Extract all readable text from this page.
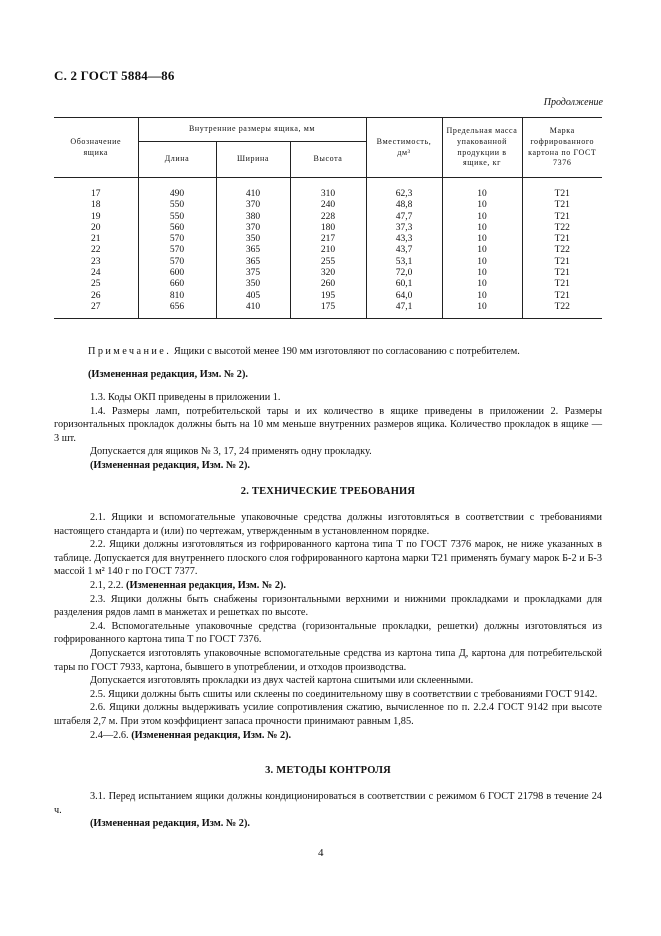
С. 2 ГОСТ 5884—86
Продолжение
Обозначение ящика	Внутренние размеры ящика, мм			Вместимость, дм³	Предельная масса упакованной продукции в ящике, кг	Марка гофрированного картона по ГОСТ 7376
	Длина	Ширина	Высота			

17	490	410	310	62,3	10	Т21
18	550	370	240	48,8	10	Т21
19	550	380	228	47,7	10	Т21
20	560	370	180	37,3	10	Т22
21	570	350	217	43,3	10	Т21
22	570	365	210	43,7	10	Т22
23	570	365	255	53,1	10	Т21
24	600	375	320	72,0	10	Т21
25	660	350	260	60,1	10	Т21
26	810	405	195	64,0	10	Т21
27	656	410	175	47,1	10	Т22

Примечание. Ящики с высотой менее 190 мм изготовляют по согласованию с потребителем.
(Измененная редакция, Изм. № 2).

1.3. Коды ОКП приведены в приложении 1.

1.4. Размеры ламп, потребительской тары и их количество в ящике приведены в приложении 2. Размеры горизонтальных прокладок должны быть на 10 мм меньше внутренних размеров ящика. Количество прокладок в ящике — 3 шт.

Допускается для ящиков № 3, 17, 24 применять одну прокладку.

(Измененная редакция, Изм. № 2).

2. ТЕХНИЧЕСКИЕ ТРЕБОВАНИЯ

2.1. Ящики и вспомогательные упаковочные средства должны изготовляться в соответствии с требованиями настоящего стандарта и (или) по чертежам, утвержденным в установленном порядке.

2.2. Ящики должны изготовляться из гофрированного картона типа Т по ГОСТ 7376 марок, не ниже указанных в таблице. Допускается для внутреннего плоского слоя гофрированного картона марки Т21 применять бумагу марок Б-2 и Б-3 массой 1 м² 140 г по ГОСТ 7377.

2.1, 2.2. (Измененная редакция, Изм. № 2).

2.3. Ящики должны быть снабжены горизонтальными верхними и нижними прокладками и прокладками для разделения рядов ламп в манжетах и решетках по высоте.

2.4. Вспомогательные упаковочные средства (горизонтальные прокладки, решетки) должны изготовляться из гофрированного картона типа Т по ГОСТ 7376.

Допускается изготовлять упаковочные вспомогательные средства из картона типа Д, картона для потребительской тары по ГОСТ 7933, картона, бывшего в употреблении, и отходов производства.

Допускается изготовлять прокладки из двух частей картона сшитыми или склеенными.

2.5. Ящики должны быть сшиты или склеены по соединительному шву в соответствии с требованиями ГОСТ 9142.

2.6. Ящики должны выдерживать усилие сопротивления сжатию, вычисленное по п. 2.2.4 ГОСТ 9142 при высоте штабеля 2,7 м. При этом коэффициент запаса прочности принимают равным 1,85.

2.4—2.6. (Измененная редакция, Изм. № 2).

3. МЕТОДЫ КОНТРОЛЯ

3.1. Перед испытанием ящики должны кондиционироваться в соответствии с режимом 6 ГОСТ 21798 в течение 24 ч.

(Измененная редакция, Изм. № 2).

4
